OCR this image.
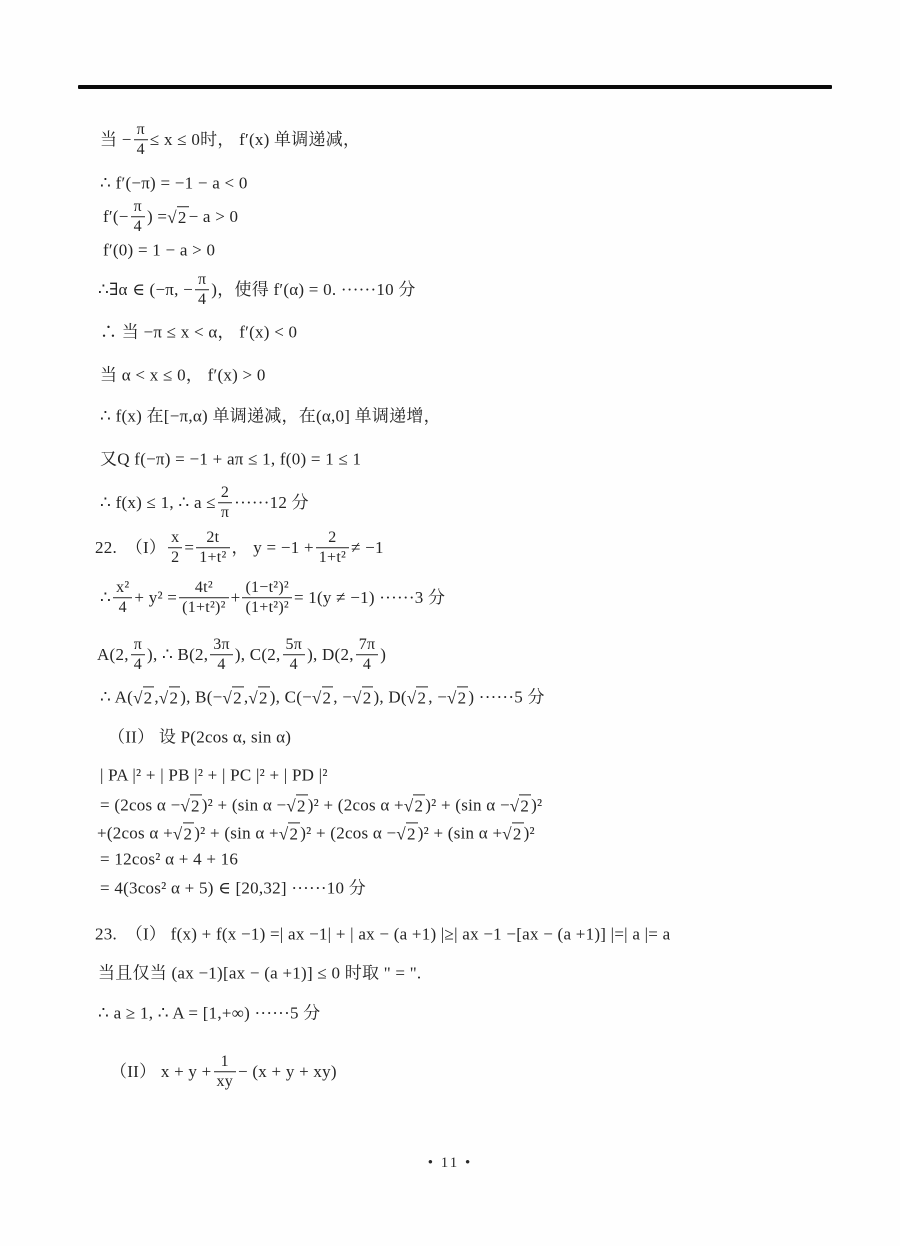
当 − $\frac{\pi}{4} \le x \le 0$时， f′(x) 单调递减，
∴ f′(−π) = −1 − a < 0
$f'(- \frac{\pi}{4}$ ) =√2− a > 0
f′(0) = 1 − a > 0
∴∃α ∈ (−π, − $\frac{\pi}{4}$ )，使得 f′(α) = 0. ······10 分
∴ 当 −π ≤ x < α， f′(x) < 0
当 α < x ≤ 0， f′(x) > 0
∴ f(x) 在[−π,α) 单调递减，在(α,0] 单调递增，
又Q f(−π) = −1 + aπ ≤ 1, f(0) = 1 ≤ 1
∴ f(x) ≤ 1, ∴ $a \le \frac{2}{\pi} \cdot\cdot\cdot\cdot\cdot\cdot 12$ 分
22.　$(I) \frac{x}{2} = \frac{2t}{\text{1+t²}}$ ， $y = -1 + \frac{2}{\text{1+t²}} \ne -1$
∴ $\frac{\text{x²}}{4} + y^2 = \frac{\text{4t²}}{\text{(1+t²)²}} + \frac{\text{(1−t²)²}}{\text{(1+t²)²}} = 1(y \ne -1) \cdot\cdot\cdot\cdot\cdot\cdot 3$ 分
A(2, $\frac{\pi}{4}$ ), ∴ B(2, $\frac{3\pi}{4}$ ), C(2, $\frac{5\pi}{4}$ ), D(2, $\frac{7\pi}{4}$ )
∴ A(√2 ,√2 ), B(−√2 ,√2 ), C(−√2 , −√2 ), D(√2 , −√2 ) ······5 分
（II） 设 P(2cos α, sin α)
| PA |² + | PB |² + | PC |² + | PD |²
= (2cos α −√2 )² + (sin α −√2 )² + (2cos α +√2 )² + (sin α −√2 )²
+(2cos α +√2 )² + (sin α +√2 )² + (2cos α −√2 )² + (sin α +√2 )²
= 12cos² α + 4 + 16
= 4(3cos² α + 5) ∈ [20,32] ······10 分
23.　（I） f(x) + f(x −1) =| ax −1| + | ax − (a +1) |≥| ax −1 −[ax − (a +1)] |=| a |= a
当且仅当 (ax −1)[ax − (a +1)] ≤ 0 时取 " = ".
∴ a ≥ 1, ∴ A = [1,+∞) ······5 分
（II） $x + y + \frac{1}{xy} - (x + y + xy)$
• 11 •
